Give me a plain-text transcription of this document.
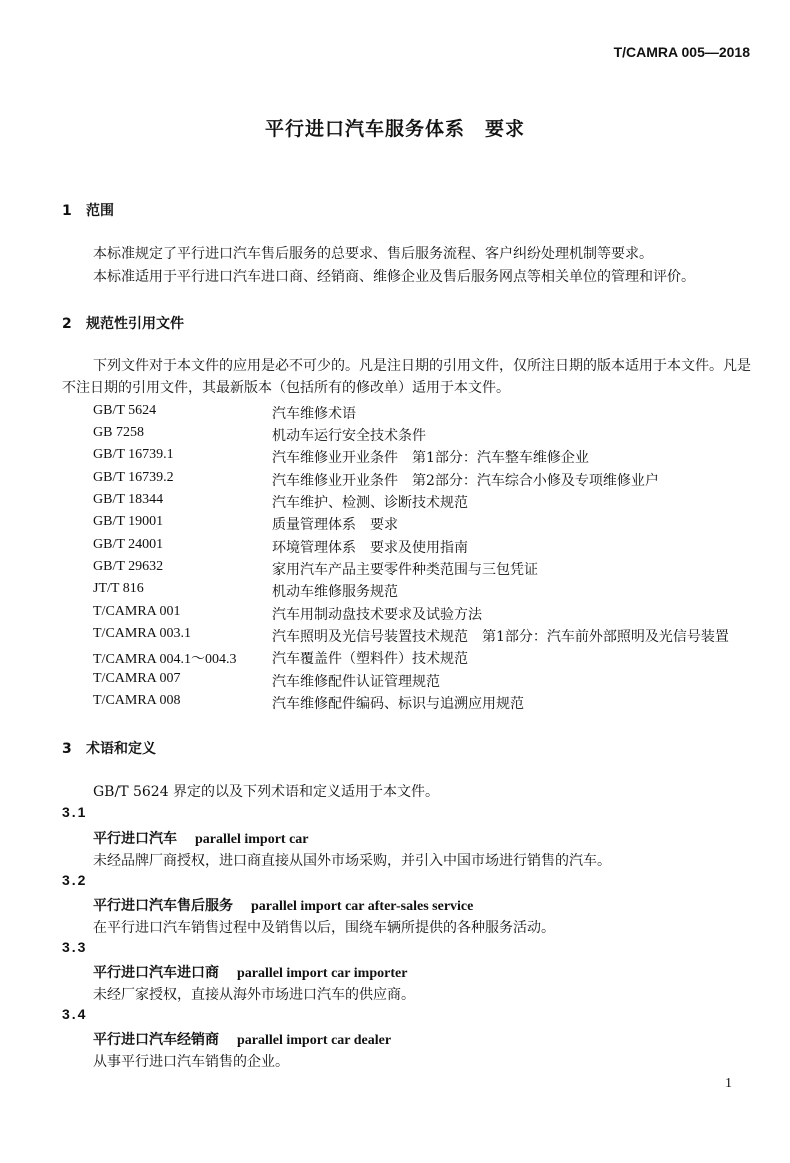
T/CAMRA 005—2018
平行进口汽车服务体系　要求
1 范围
本标准规定了平行进口汽车售后服务的总要求、售后服务流程、客户纠纷处理机制等要求。
本标准适用于平行进口汽车进口商、经销商、维修企业及售后服务网点等相关单位的管理和评价。
2 规范性引用文件
下列文件对于本文件的应用是必不可少的。凡是注日期的引用文件，仅所注日期的版本适用于本文件。凡是不注日期的引用文件，其最新版本（包括所有的修改单）适用于本文件。
GB/T 5624	汽车维修术语
GB 7258	机动车运行安全技术条件
GB/T 16739.1	汽车维修业开业条件　第1部分：汽车整车维修企业
GB/T 16739.2	汽车维修业开业条件　第2部分：汽车综合小修及专项维修业户
GB/T 18344	汽车维护、检测、诊断技术规范
GB/T 19001	质量管理体系　要求
GB/T 24001	环境管理体系　要求及使用指南
GB/T 29632	家用汽车产品主要零件种类范围与三包凭证
JT/T 816	机动车维修服务规范
T/CAMRA 001	汽车用制动盘技术要求及试验方法
T/CAMRA 003.1	汽车照明及光信号装置技术规范　第1部分：汽车前外部照明及光信号装置
T/CAMRA 004.1～004.3	汽车覆盖件（塑料件）技术规范
T/CAMRA 007	汽车维修配件认证管理规范
T/CAMRA 008	汽车维修配件编码、标识与追溯应用规范
3 术语和定义
GB/T 5624 界定的以及下列术语和定义适用于本文件。
3.1
平行进口汽车 parallel import car
未经品牌厂商授权，进口商直接从国外市场采购，并引入中国市场进行销售的汽车。
3.2
平行进口汽车售后服务 parallel import car after-sales service
在平行进口汽车销售过程中及销售以后，围绕车辆所提供的各种服务活动。
3.3
平行进口汽车进口商 parallel import car importer
未经厂家授权，直接从海外市场进口汽车的供应商。
3.4
平行进口汽车经销商 parallel import car dealer
从事平行进口汽车销售的企业。
1
